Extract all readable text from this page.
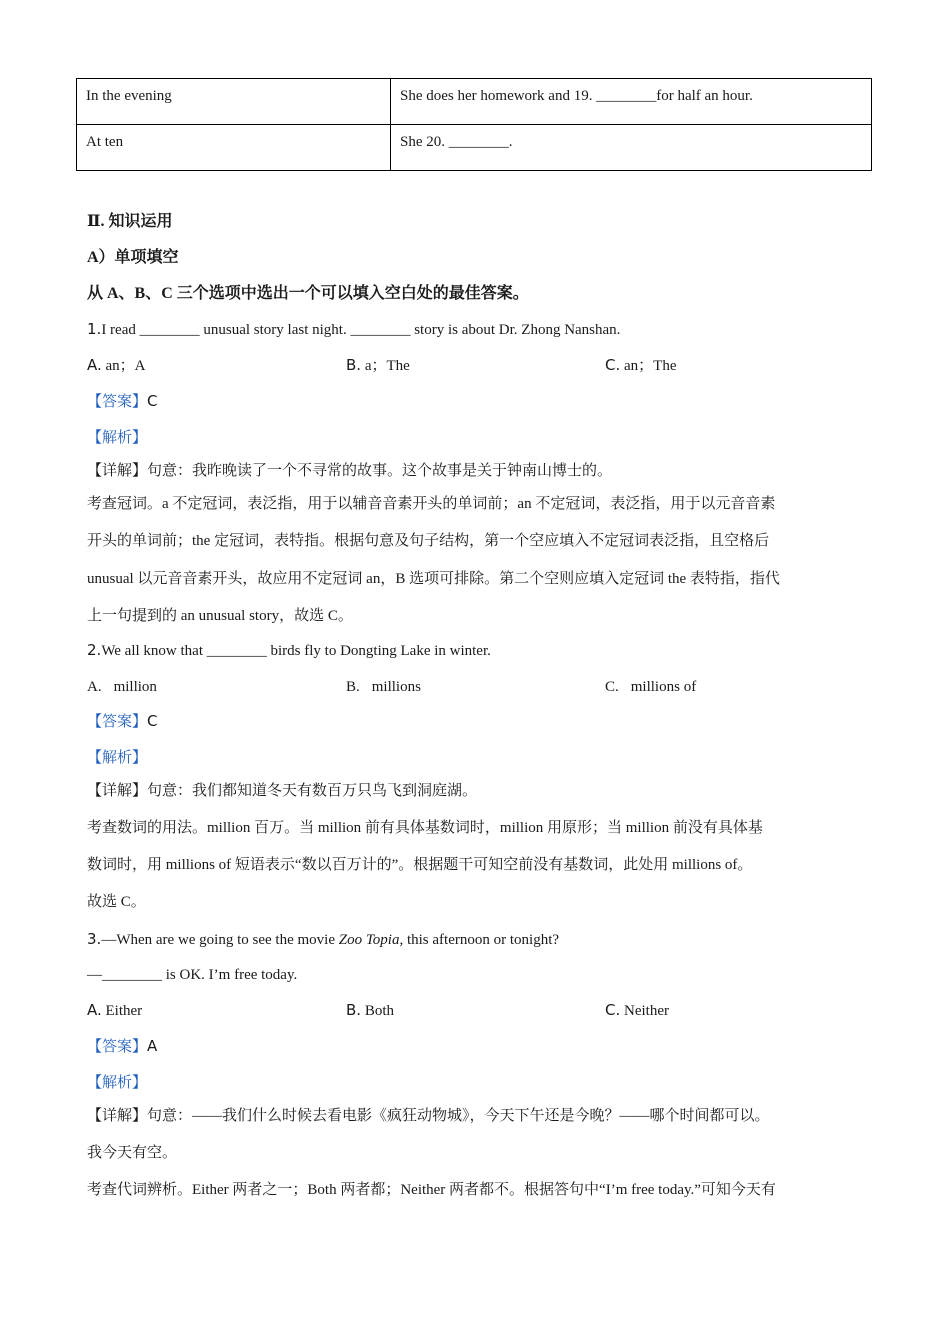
In the evening	She does her homework and 19. ________for half an hour.
At ten	She 20. ________.
Ⅱ. 知识运用
A）单项填空
从 A、B、C 三个选项中选出一个可以填入空白处的最佳答案。
1.I read ________ unusual story last night. ________ story is about Dr. Zhong Nanshan.
A. an；A	B. a；The	C. an；The
【答案】C
【解析】
【详解】句意：我昨晚读了一个不寻常的故事。这个故事是关于钟南山博士的。
考查冠词。a 不定冠词，表泛指，用于以辅音音素开头的单词前；an 不定冠词，表泛指，用于以元音音素
开头的单词前；the 定冠词，表特指。根据句意及句子结构，第一个空应填入不定冠词表泛指，且空格后
unusual 以元音音素开头，故应用不定冠词 an，B 选项可排除。第二个空则应填入定冠词 the 表特指，指代
上一句提到的 an unusual story，故选 C。
2.We all know that ________ birds fly to Dongting Lake in winter.
A. million	B. millions	C. millions of
【答案】C
【解析】
【详解】句意：我们都知道冬天有数百万只鸟飞到洞庭湖。
考查数词的用法。million 百万。当 million 前有具体基数词时，million 用原形；当 million 前没有具体基
数词时，用 millions of 短语表示“数以百万计的”。根据题干可知空前没有基数词，此处用 millions of。
故选 C。
3.—When are we going to see the movie Zoo Topia, this afternoon or tonight?
—________ is OK. I’m free today.
A. Either	B. Both	C. Neither
【答案】A
【解析】
【详解】句意：——我们什么时候去看电影《疯狂动物城》，今天下午还是今晚？——哪个时间都可以。
我今天有空。
考查代词辨析。Either 两者之一；Both 两者都；Neither 两者都不。根据答句中“I’m free today.”可知今天有
